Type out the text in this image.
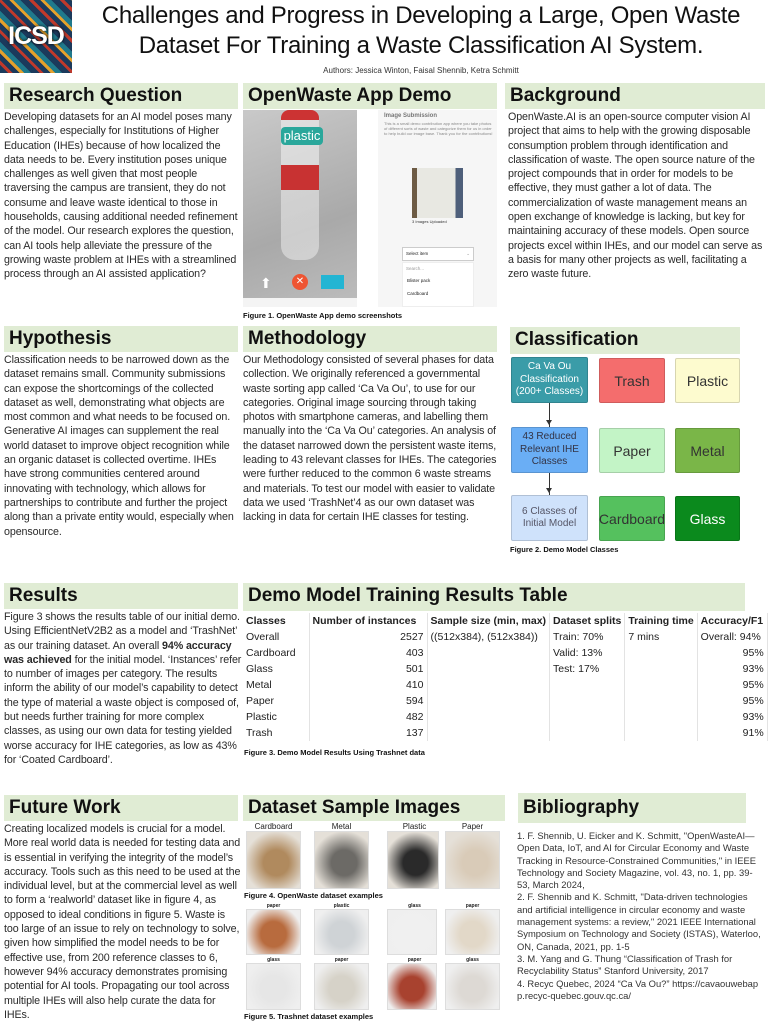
ICSD
Challenges and Progress in Developing a Large, Open Waste
Dataset For Training a Waste Classification AI System.
Authors: Jessica Winton, Faisal Shennib, Ketra Schmitt
Research Question
Developing datasets for an AI model poses many challenges, especially for Institutions of Higher Education (IHEs) because of how localized the data needs to be. Every institution poses unique challenges as well given that most people traversing the campus are transient, they do not consume and leave waste identical to those in households, causing additional needed refinement of the model. Our research explores the question, can AI tools help alleviate the pressure of the growing waste problem at IHEs with a streamlined process through an AI assisted application?
OpenWaste App Demo
plastic
⬆	✕
Image Submission
This is a small demo contribution app where you take photos of different sorts of waste and categorize them for us in order to help build our image base. Thank you for the contributions!
3 Images Uploaded
Select item	⌄
Search...
Blister pack
Cardboard
Figure 1. OpenWaste App demo screenshots
Background
OpenWaste.AI is an open-source computer vision AI project that aims to help with the growing disposable consumption problem through identification and classification of waste. The open source nature of the project compounds that in order for models to be effective, they must gather a lot of data. The commercialization of waste management means an open exchange of knowledge is lacking, but key for maintaining accuracy of these models. Open source projects excel within IHEs, and our model can serve as a basis for many other projects as well, facilitating a zero waste future.
Hypothesis
Classification needs to be narrowed down as the dataset remains small. Community submissions can expose the shortcomings of the collected dataset as well, demonstrating what objects are most common and what needs to be focused on. Generative AI images can supplement the real world dataset to improve object recognition while an organic dataset is collected overtime. IHEs have strong communities centered around innovating with technology, which allows for partnerships to contribute and further the project along than a private entity would, especially when opensource.
Methodology
Our Methodology consisted of several phases for data collection. We originally referenced a governmental waste sorting app called ‘Ca Va Ou’, to use for our categories. Original image sourcing through taking photos with smartphone cameras, and labelling them manually into the ‘Ca Va Ou’ categories. An analysis of the dataset narrowed down the persistent waste items, leading to 43 relevant classes for IHEs. The categories were further reduced to the common 6 waste streams and materials. To test our model with easier to validate data we used ‘TrashNet’4 as our own dataset was lacking in data for certain IHE classes for testing.
Classification
Ca Va Ou Classification (200+ Classes)
43 Reduced Relevant IHE Classes
6 Classes of Initial Model
Trash	Plastic
Paper	Metal
Cardboard	Glass
Figure 2. Demo Model Classes
Results
Figure 3 shows the results table of our initial demo. Using EfficientNetV2B2 as a model and ‘TrashNet’ as our training dataset. An overall 94% accuracy was achieved for the initial model. ‘Instances’ refer to number of images per category. The results inform the ability of our model’s capability to detect the type of material a waste object is composed of, but needs further training for more complex classes, as using our own data for testing yielded worse accuracy for IHE categories, as low as 43% for ‘Coated Cardboard’.
Demo Model Training Results Table
Classes	Number of instances	Sample size (min, max)	Dataset splits	Training time	Accuracy/F1
Overall	2527	((512x384), (512x384))	Train: 70%	7 mins	Overall: 94%
Cardboard	403		Valid: 13%		95%
Glass	501		Test: 17%		93%
Metal	410				95%
Paper	594				95%
Plastic	482				93%
Trash	137				91%
Figure 3. Demo Model Results Using Trashnet data
Future Work
Creating localized models is crucial for a model. More real world data is needed for testing data and is essential in verifying the integrity of the model’s accuracy. Tools such as this need to be used at the individual level, but at the commercial level as well to form a ‘realworld’ dataset like in figure 4, as opposed to ideal conditions in figure 5. Waste is too large of an issue to rely on technology to solve, given how simplified the model needs to be for effective use, from 200 reference classes to 6, however 94% accuracy demonstrates promising potential for AI tools. Propagating our tool across multiple IHEs will also help curate the data for IHEs.
Dataset Sample Images
Cardboard	Metal	Plastic	Paper
paper	plastic	glass	paper
glass	paper	paper	glass
Figure 4. OpenWaste dataset examples
Figure 5. Trashnet dataset examples
Bibliography
1. F. Shennib, U. Eicker and K. Schmitt, "OpenWasteAI—Open Data, IoT, and AI for Circular Economy and Waste Tracking in Resource-Constrained Communities," in IEEE Technology and Society Magazine, vol. 43, no. 1, pp. 39-53, March 2024,
2. F. Shennib and K. Schmitt, "Data-driven technologies and artificial intelligence in circular economy and waste management systems: a review," 2021 IEEE International Symposium on Technology and Society (ISTAS), Waterloo, ON, Canada, 2021, pp. 1-5
3. M. Yang and G. Thung “Classification of Trash for Recyclability Status” Stanford University, 2017
4. Recyc Quebec, 2024 “Ca Va Ou?” https://cavaouwebapp.recyc-quebec.gouv.qc.ca/
